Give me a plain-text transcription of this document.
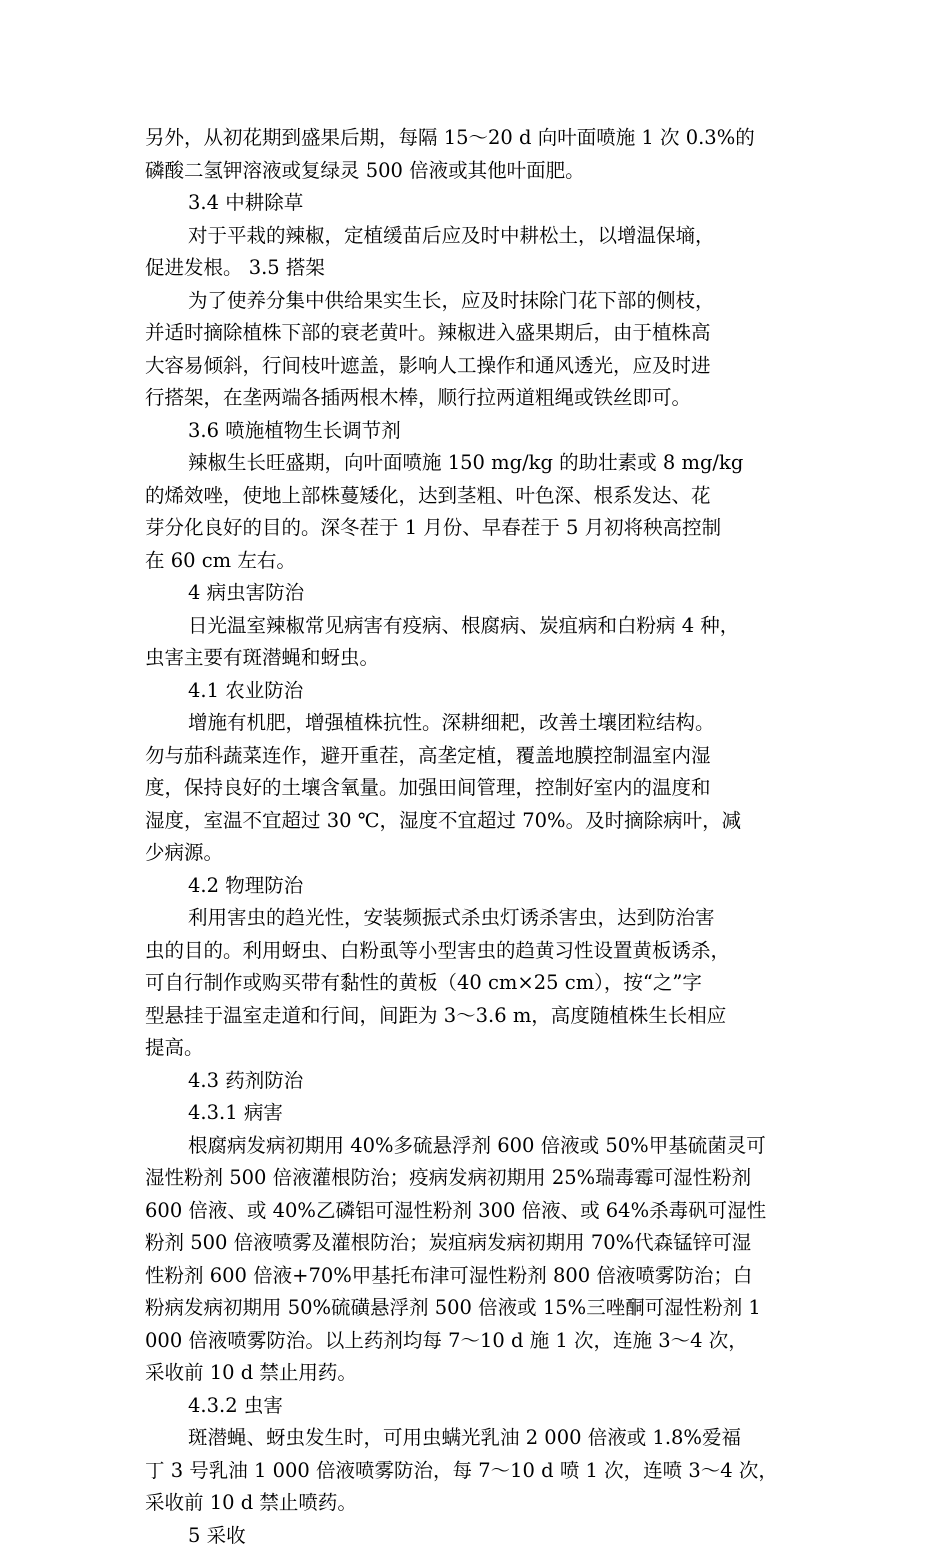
另外，从初花期到盛果后期，每隔 15～20 d 向叶面喷施 1 次 0.3%的
磷酸二氢钾溶液或复绿灵 500 倍液或其他叶面肥。
3.4 中耕除草
对于平栽的辣椒，定植缓苗后应及时中耕松土，以增温保墒，
促进发根。 3.5 搭架
为了使养分集中供给果实生长，应及时抹除门花下部的侧枝，
并适时摘除植株下部的衰老黄叶。辣椒进入盛果期后，由于植株高
大容易倾斜，行间枝叶遮盖，影响人工操作和通风透光，应及时进
行搭架，在垄两端各插两根木棒，顺行拉两道粗绳或铁丝即可。
3.6 喷施植物生长调节剂
辣椒生长旺盛期，向叶面喷施 150 mg/kg 的助壮素或 8 mg/kg
的烯效唑，使地上部株蔓矮化，达到茎粗、叶色深、根系发达、花
芽分化良好的目的。深冬茬于 1 月份、早春茬于 5 月初将秧高控制
在 60 cm 左右。
4 病虫害防治
日光温室辣椒常见病害有疫病、根腐病、炭疽病和白粉病 4 种，
虫害主要有斑潜蝇和蚜虫。
4.1 农业防治
增施有机肥，增强植株抗性。深耕细耙，改善土壤团粒结构。
勿与茄科蔬菜连作，避开重茬，高垄定植，覆盖地膜控制温室内湿
度，保持良好的土壤含氧量。加强田间管理，控制好室内的温度和
湿度，室温不宜超过 30 ℃，湿度不宜超过 70%。及时摘除病叶，减
少病源。
4.2 物理防治
利用害虫的趋光性，安装频振式杀虫灯诱杀害虫，达到防治害
虫的目的。利用蚜虫、白粉虱等小型害虫的趋黄习性设置黄板诱杀，
可自行制作或购买带有黏性的黄板（40 cm×25 cm），按“之”字
型悬挂于温室走道和行间，间距为 3～3.6 m，高度随植株生长相应
提高。
4.3 药剂防治
4.3.1 病害
根腐病发病初期用 40%多硫悬浮剂 600 倍液或 50%甲基硫菌灵可
湿性粉剂 500 倍液灌根防治；疫病发病初期用 25%瑞毒霉可湿性粉剂
600 倍液、或 40%乙磷铝可湿性粉剂 300 倍液、或 64%杀毒矾可湿性
粉剂 500 倍液喷雾及灌根防治；炭疽病发病初期用 70%代森锰锌可湿
性粉剂 600 倍液+70%甲基托布津可湿性粉剂 800 倍液喷雾防治；白
粉病发病初期用 50%硫磺悬浮剂 500 倍液或 15%三唑酮可湿性粉剂 1
000 倍液喷雾防治。以上药剂均每 7～10 d 施 1 次，连施 3～4 次，
采收前 10 d 禁止用药。
4.3.2 虫害
斑潜蝇、蚜虫发生时，可用虫螨光乳油 2 000 倍液或 1.8%爱福
丁 3 号乳油 1 000 倍液喷雾防治，每 7～10 d 喷 1 次，连喷 3～4 次，
采收前 10 d 禁止喷药。
5 采收
